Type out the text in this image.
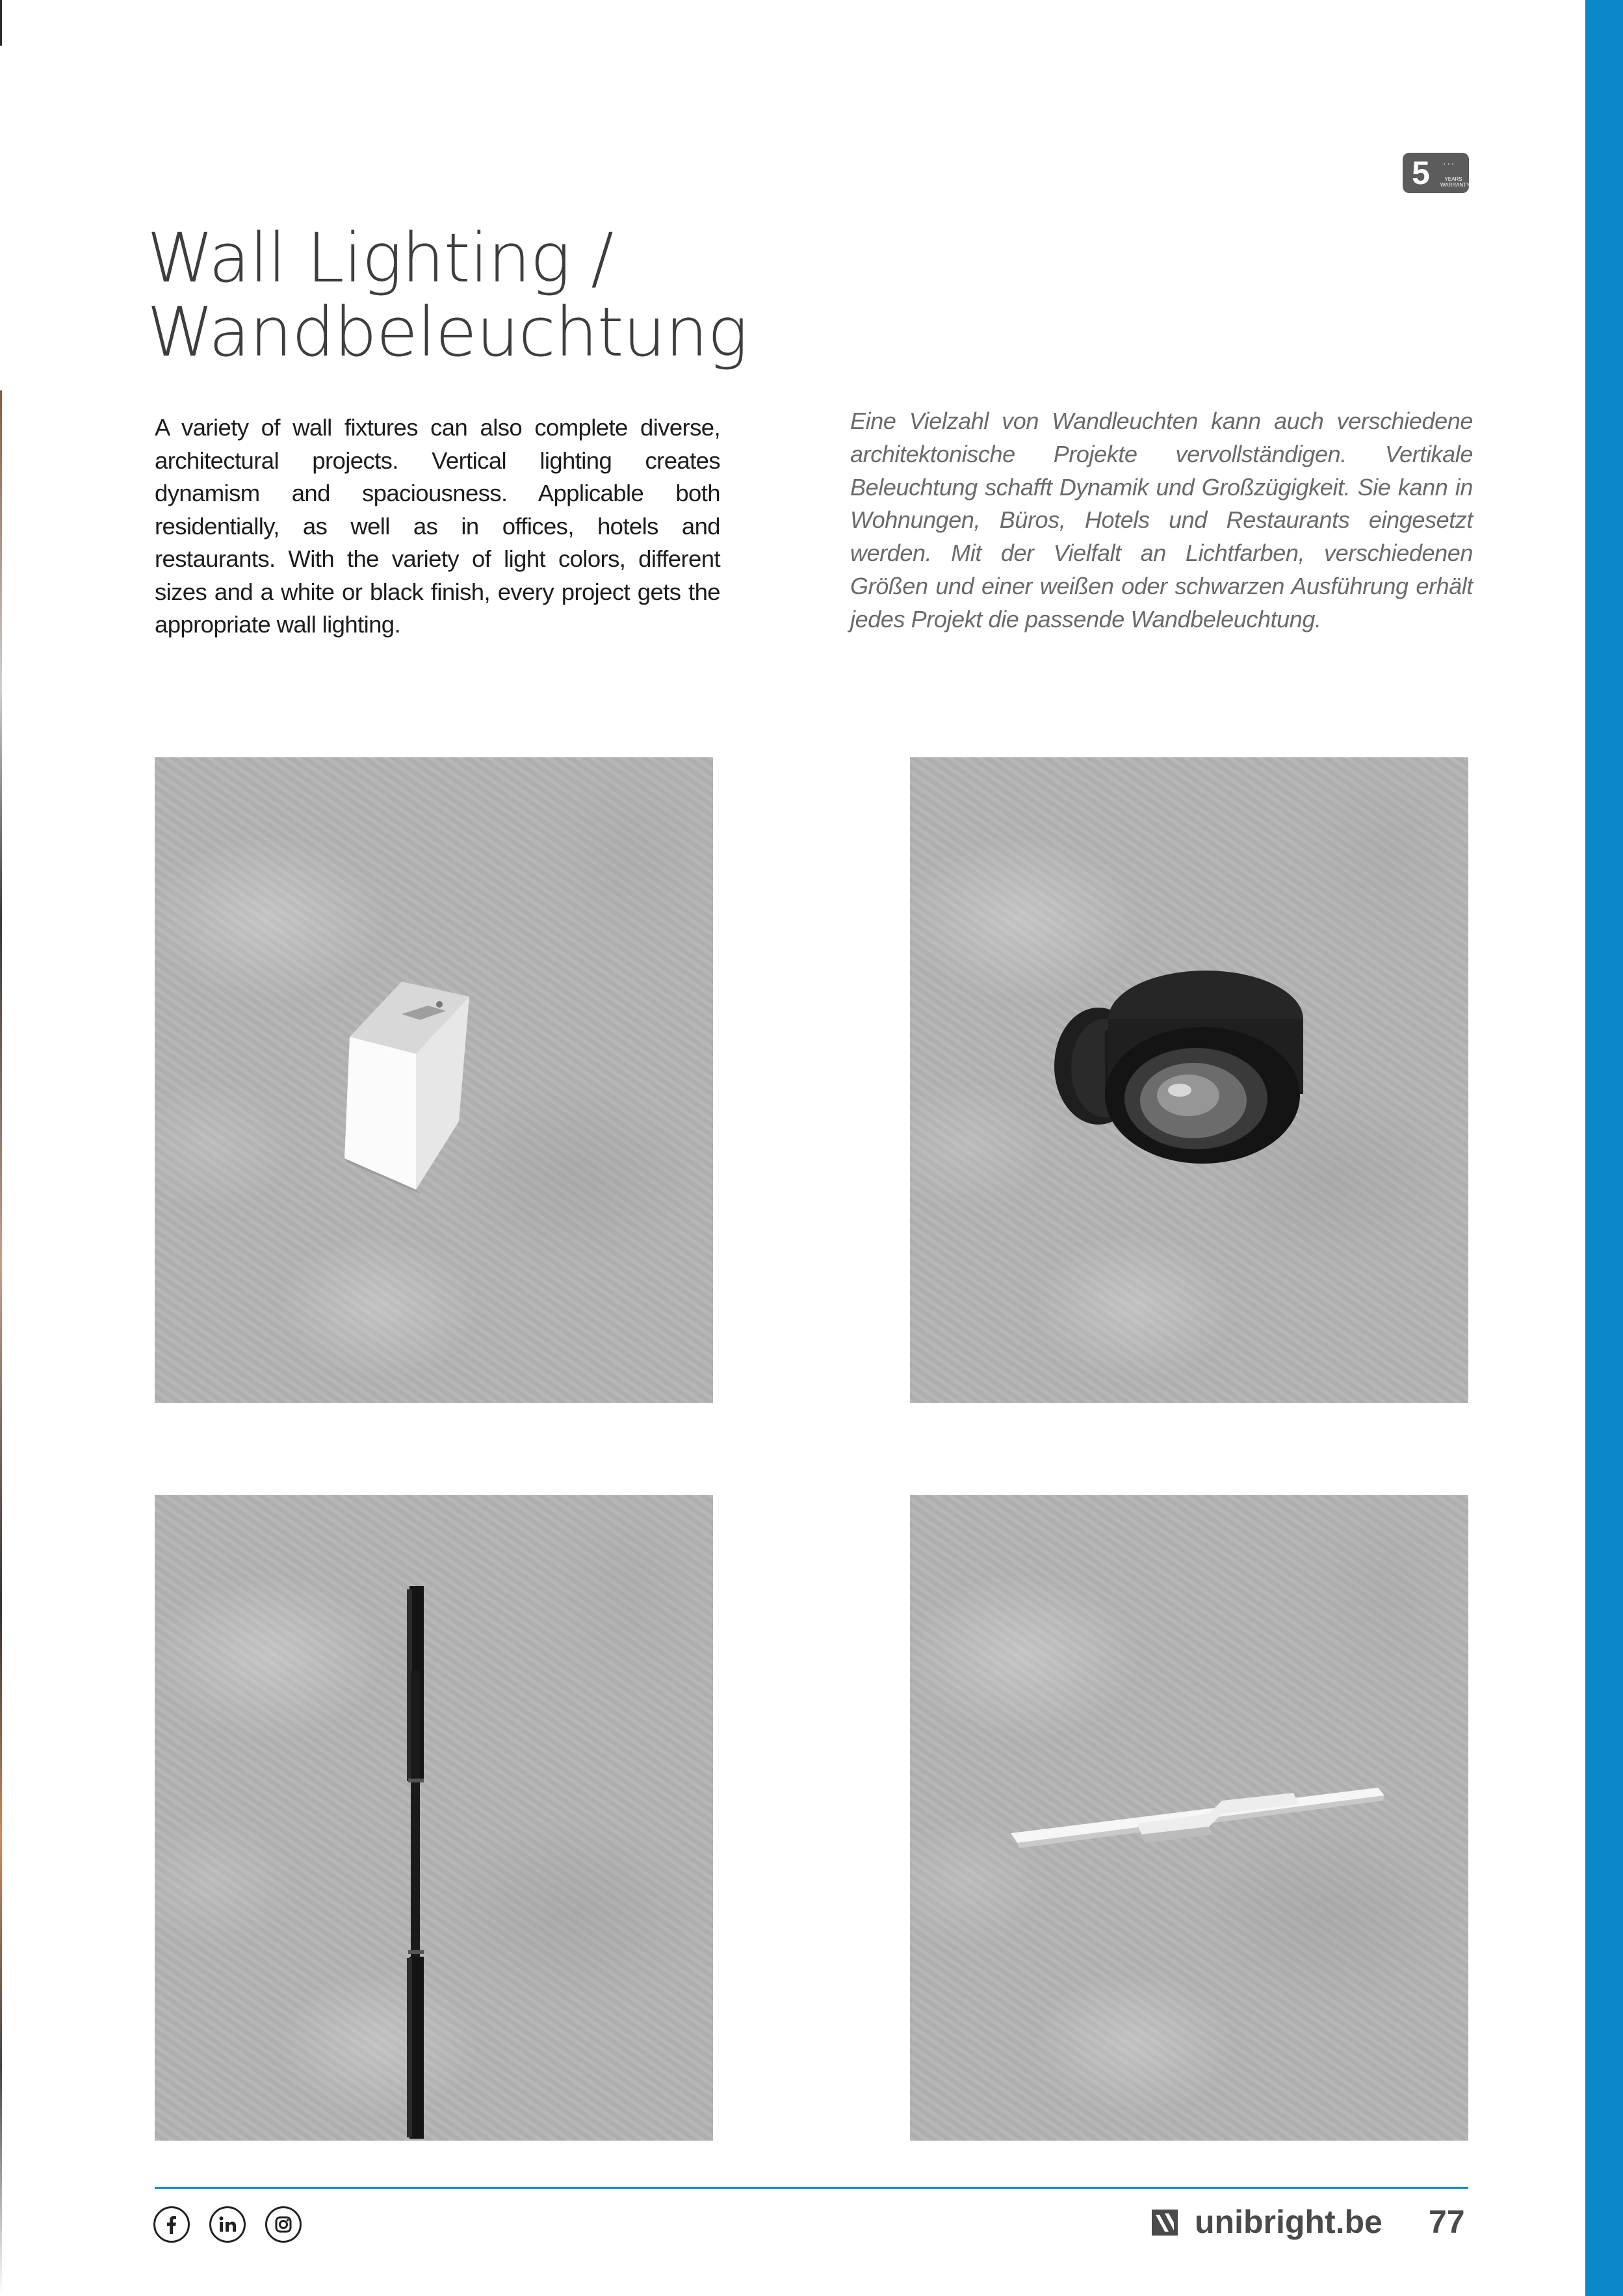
5 ⋅⋅⋅
YEARS WARRANTY
Wall Lighting /
Wandbeleuchtung

A variety of wall fixtures can also complete diverse, architectural projects. Vertical lighting creates dynamism and spaciousness. Applicable both residentially, as well as in offices, hotels and restaurants. With the variety of light colors, different sizes and a white or black finish, every project gets the appropriate wall lighting.

Eine Vielzahl von Wandleuchten kann auch verschiedene architektonische Projekte vervollständigen. Vertikale Beleuchtung schafft Dynamik und Großzügigkeit. Sie kann in Wohnungen, Büros, Hotels und Restaurants eingesetzt werden. Mit der Vielfalt an Lichtfarben, verschiedenen Größen und einer weißen oder schwarzen Ausführung erhält jedes Projekt die passende Wandbeleuchtung.

unibright.be 77
